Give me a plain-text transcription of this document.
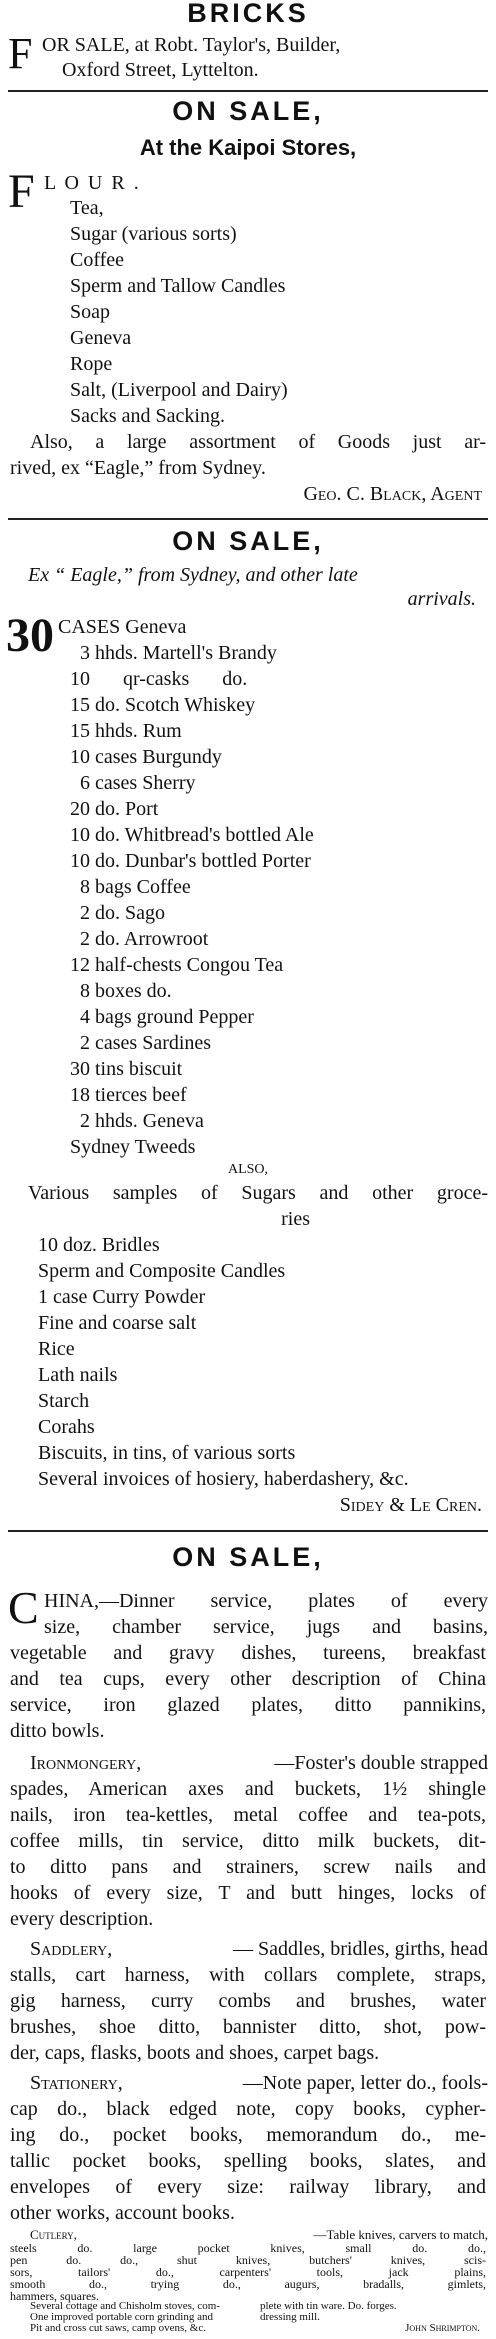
BRICKS
F OR SALE, at Robt. Taylor's, Builder,
Oxford Street, Lyttelton.
ON SALE,
At the Kaipoi Stores,
F L O U R .
Tea,
Sugar (various sorts)
Coffee
Sperm and Tallow Candles
Soap
Geneva
Rope
Salt, (Liverpool and Dairy)
Sacks and Sacking.
Also, a large assortment of Goods just ar-
rived, ex “Eagle,” from Sydney.
Geo. C. Black, Agent
ON SALE,
Ex “ Eagle,” from Sydney, and other late
arrivals.
30 CASES Geneva
3 hhds. Martell's Brandy
10 qr-casks do.
15 do. Scotch Whiskey
15 hhds. Rum
10 cases Burgundy
6 cases Sherry
20 do. Port
10 do. Whitbread's bottled Ale
10 do. Dunbar's bottled Porter
8 bags Coffee
2 do. Sago
2 do. Arrowroot
12 half-chests Congou Tea
8 boxes do.
4 bags ground Pepper
2 cases Sardines
30 tins biscuit
18 tierces beef
2 hhds. Geneva
Sydney Tweeds
ALSO,
Various samples of Sugars and other groce-
ries
10 doz. Bridles
Sperm and Composite Candles
1 case Curry Powder
Fine and coarse salt
Rice
Lath nails
Starch
Corahs
Biscuits, in tins, of various sorts
Several invoices of hosiery, haberdashery, &c.
Sidey & Le Cren.
ON SALE,
C HINA,—Dinner service, plates of every
size, chamber service, jugs and basins,
vegetable and gravy dishes, tureens, breakfast
and tea cups, every other description of China
service, iron glazed plates, ditto pannikins,
ditto bowls.
Ironmongery,	—Foster's double strapped
spades, American axes and buckets, 1½ shingle
nails, iron tea-kettles, metal coffee and tea-pots,
coffee mills, tin service, ditto milk buckets, dit-
to ditto pans and strainers, screw nails and
hooks of every size, T and butt hinges, locks of
every description.
Saddlery,	— Saddles, bridles, girths, head
stalls, cart harness, with collars complete, straps,
gig harness, curry combs and brushes, water
brushes, shoe ditto, bannister ditto, shot, pow-
der, caps, flasks, boots and shoes, carpet bags.
Stationery,	—Note paper, letter do., fools-
cap do., black edged note, copy books, cypher-
ing do., pocket books, memorandum do., me-
tallic pocket books, spelling books, slates, and
envelopes of every size: railway library, and
other works, account books.
Cutlery,	—Table knives, carvers to match,
steels do. large pocket knives, small do. do.,
pen do. do., shut knives, butchers' knives, scis-
sors, tailors' do., carpenters' tools, jack plains,
smooth do., trying do., augurs, bradalls, gimlets,
hammers, squares.
Several cottage and Chisholm stoves, com-	plete with tin ware. Do. forges.
One improved portable corn grinding and	dressing mill.
Pit and cross cut saws, camp ovens, &c.	John Shrimpton.
